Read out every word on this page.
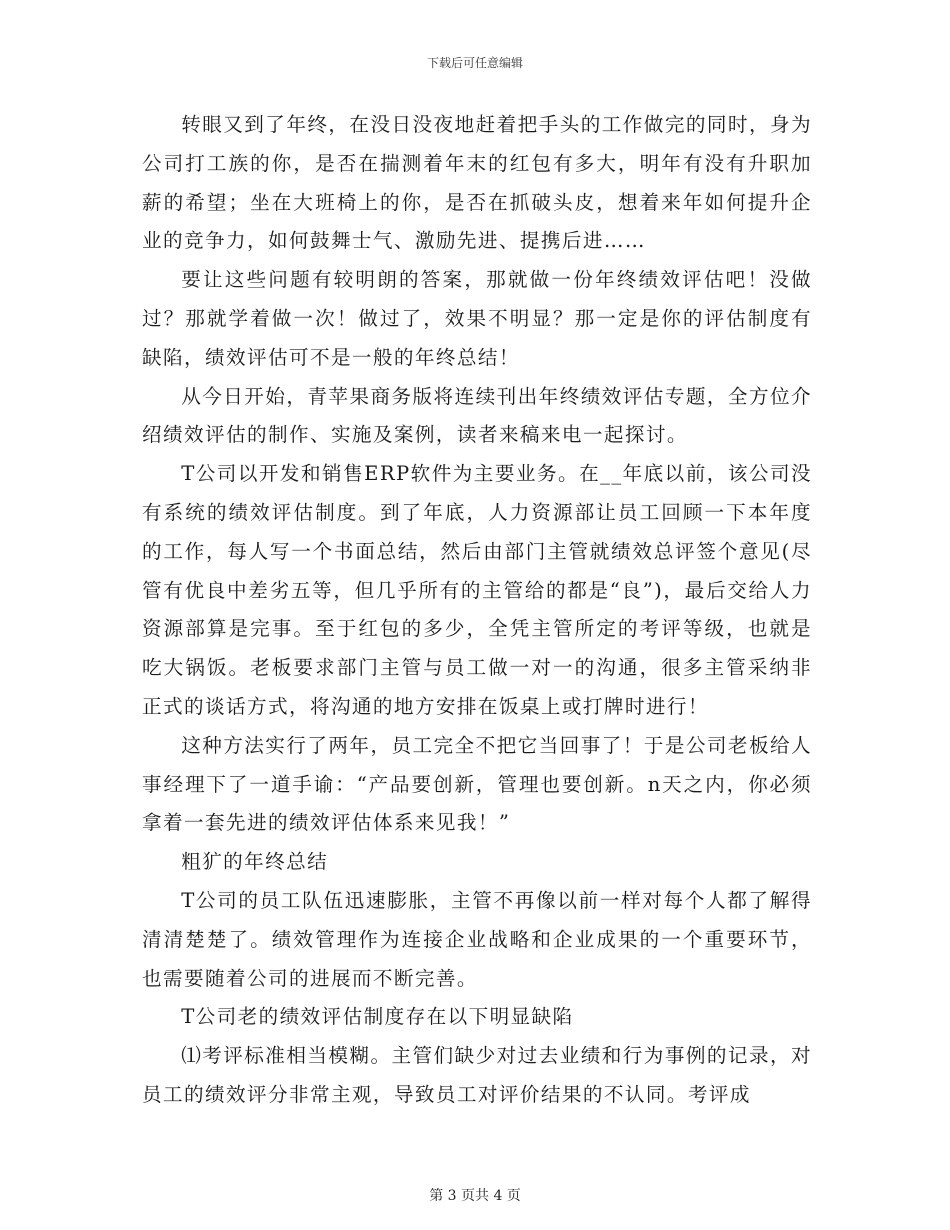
下载后可任意编辑

转眼又到了年终，在没日没夜地赶着把手头的工作做完的同时，身为公司打工族的你，是否在揣测着年末的红包有多大，明年有没有升职加薪的希望；坐在大班椅上的你，是否在抓破头皮，想着来年如何提升企业的竞争力，如何鼓舞士气、激励先进、提携后进……

要让这些问题有较明朗的答案，那就做一份年终绩效评估吧！没做过？那就学着做一次！做过了，效果不明显？那一定是你的评估制度有缺陷，绩效评估可不是一般的年终总结！

从今日开始，青苹果商务版将连续刊出年终绩效评估专题，全方位介绍绩效评估的制作、实施及案例，读者来稿来电一起探讨。

T公司以开发和销售ERP软件为主要业务。在__年底以前，该公司没有系统的绩效评估制度。到了年底，人力资源部让员工回顾一下本年度的工作，每人写一个书面总结，然后由部门主管就绩效总评签个意见(尽管有优良中差劣五等，但几乎所有的主管给的都是“良”)，最后交给人力资源部算是完事。至于红包的多少，全凭主管所定的考评等级，也就是吃大锅饭。老板要求部门主管与员工做一对一的沟通，很多主管采纳非正式的谈话方式，将沟通的地方安排在饭桌上或打牌时进行！

这种方法实行了两年，员工完全不把它当回事了！于是公司老板给人事经理下了一道手谕：“产品要创新，管理也要创新。n天之内，你必须拿着一套先进的绩效评估体系来见我！”

粗犷的年终总结

T公司的员工队伍迅速膨胀，主管不再像以前一样对每个人都了解得清清楚楚了。绩效管理作为连接企业战略和企业成果的一个重要环节，也需要随着公司的进展而不断完善。

T公司老的绩效评估制度存在以下明显缺陷

⑴考评标准相当模糊。主管们缺少对过去业绩和行为事例的记录，对员工的绩效评分非常主观，导致员工对评价结果的不认同。考评成

第 3 页共 4 页
